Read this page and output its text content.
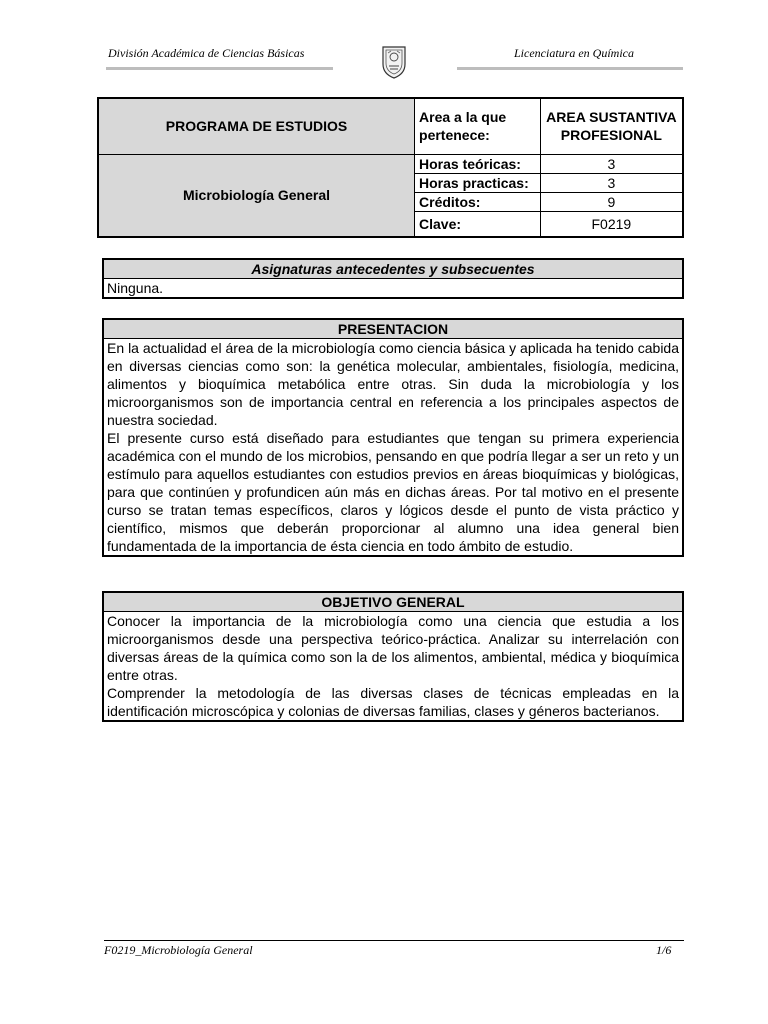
División Académica de Ciencias Básicas	Licenciatura en Química
PROGRAMA DE ESTUDIOS	Area a la que pertenece:	AREA SUSTANTIVA PROFESIONAL
Microbiología General	Horas teóricas:	3
	Horas practicas:	3
	Créditos:	9
	Clave:	F0219
Asignaturas antecedentes y subsecuentes
Ninguna.
PRESENTACION

En la actualidad el área de la microbiología como ciencia básica y aplicada ha tenido cabida en diversas ciencias como son: la genética molecular, ambientales, fisiología, medicina, alimentos y bioquímica metabólica entre otras. Sin duda la microbiología y los microorganismos son de importancia central en referencia a los principales aspectos de nuestra sociedad.

El presente curso está diseñado para estudiantes que tengan su primera experiencia académica con el mundo de los microbios, pensando en que podría llegar a ser un reto y un estímulo para aquellos estudiantes con estudios previos en áreas bioquímicas y biológicas, para que continúen y profundicen aún más en dichas áreas. Por tal motivo en el presente curso se tratan temas específicos, claros y lógicos desde el punto de vista práctico y científico, mismos que deberán proporcionar al alumno una idea general bien fundamentada de la importancia de ésta ciencia en todo ámbito de estudio.

OBJETIVO GENERAL

Conocer la importancia de la microbiología como una ciencia que estudia a los microorganismos desde una perspectiva teórico-práctica. Analizar su interrelación con diversas áreas de la química como son la de los alimentos, ambiental, médica y bioquímica entre otras.

Comprender la metodología de las diversas clases de técnicas empleadas en la identificación microscópica y colonias de diversas familias, clases y géneros bacterianos.

F0219_Microbiología General	1/6
